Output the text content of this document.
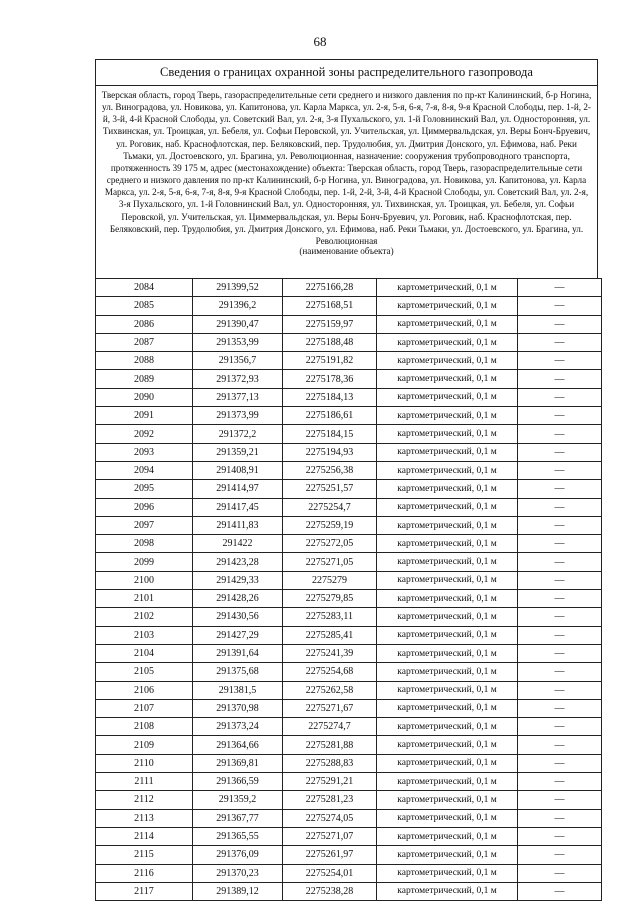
68
Сведения о границах охранной зоны распределительного газопровода
Тверская область, город Тверь, газораспределительные сети среднего и низкого давления по пр-кт Калининский, б-р Ногина, ул. Виноградова, ул. Новикова, ул. Капитонова, ул. Карла Маркса, ул. 2-я, 5-я, 6-я, 7-я, 8-я, 9-я Красной Слободы, пер. 1-й, 2-й, 3-й, 4-й Красной Слободы, ул. Советский Вал, ул. 2-я, 3-я Пухальского, ул. 1-й Головнинский Вал, ул. Односторонняя, ул. Тихвинская, ул. Троицкая, ул. Бебеля, ул. Софьи Перовской, ул. Учительская, ул. Циммервальдская, ул. Веры Бонч-Бруевич, ул. Роговик, наб. Краснофлотская, пер. Беляковский, пер. Трудолюбия, ул. Дмитрия Донского, ул. Ефимова, наб. Реки Тьмаки, ул. Достоевского, ул. Брагина, ул. Революционная, назначение: сооружения трубопроводного транспорта, протяженность 39 175 м, адрес (местонахождение) объекта: Тверская область, город Тверь, газораспределительные сети среднего и низкого давления по пр-кт Калининский, б-р Ногина, ул. Виноградова, ул. Новикова, ул. Капитонова, ул. Карла Маркса, ул. 2-я, 5-я, 6-я, 7-я, 8-я, 9-я Красной Слободы, пер. 1-й, 2-й, 3-й, 4-й Красной Слободы, ул. Советский Вал, ул. 2-я, 3-я Пухальского, ул. 1-й Головнинский Вал, ул. Односторонняя, ул. Тихвинская, ул. Троицкая, ул. Бебеля, ул. Софьи Перовской, ул. Учительская, ул. Циммервальдская, ул. Веры Бонч-Бруевич, ул. Роговик, наб. Краснофлотская, пер. Беляковский, пер. Трудолюбия, ул. Дмитрия Донского, ул. Ефимова, наб. Реки Тьмаки, ул. Достоевского, ул. Брагина, ул. Революционная
(наименование объекта)
2084	291399,52	2275166,28	картометрический, 0,1 м	—
2085	291396,2	2275168,51	картометрический, 0,1 м	—
2086	291390,47	2275159,97	картометрический, 0,1 м	—
2087	291353,99	2275188,48	картометрический, 0,1 м	—
2088	291356,7	2275191,82	картометрический, 0,1 м	—
2089	291372,93	2275178,36	картометрический, 0,1 м	—
2090	291377,13	2275184,13	картометрический, 0,1 м	—
2091	291373,99	2275186,61	картометрический, 0,1 м	—
2092	291372,2	2275184,15	картометрический, 0,1 м	—
2093	291359,21	2275194,93	картометрический, 0,1 м	—
2094	291408,91	2275256,38	картометрический, 0,1 м	—
2095	291414,97	2275251,57	картометрический, 0,1 м	—
2096	291417,45	2275254,7	картометрический, 0,1 м	—
2097	291411,83	2275259,19	картометрический, 0,1 м	—
2098	291422	2275272,05	картометрический, 0,1 м	—
2099	291423,28	2275271,05	картометрический, 0,1 м	—
2100	291429,33	2275279	картометрический, 0,1 м	—
2101	291428,26	2275279,85	картометрический, 0,1 м	—
2102	291430,56	2275283,11	картометрический, 0,1 м	—
2103	291427,29	2275285,41	картометрический, 0,1 м	—
2104	291391,64	2275241,39	картометрический, 0,1 м	—
2105	291375,68	2275254,68	картометрический, 0,1 м	—
2106	291381,5	2275262,58	картометрический, 0,1 м	—
2107	291370,98	2275271,67	картометрический, 0,1 м	—
2108	291373,24	2275274,7	картометрический, 0,1 м	—
2109	291364,66	2275281,88	картометрический, 0,1 м	—
2110	291369,81	2275288,83	картометрический, 0,1 м	—
2111	291366,59	2275291,21	картометрический, 0,1 м	—
2112	291359,2	2275281,23	картометрический, 0,1 м	—
2113	291367,77	2275274,05	картометрический, 0,1 м	—
2114	291365,55	2275271,07	картометрический, 0,1 м	—
2115	291376,09	2275261,97	картометрический, 0,1 м	—
2116	291370,23	2275254,01	картометрический, 0,1 м	—
2117	291389,12	2275238,28	картометрический, 0,1 м	—
